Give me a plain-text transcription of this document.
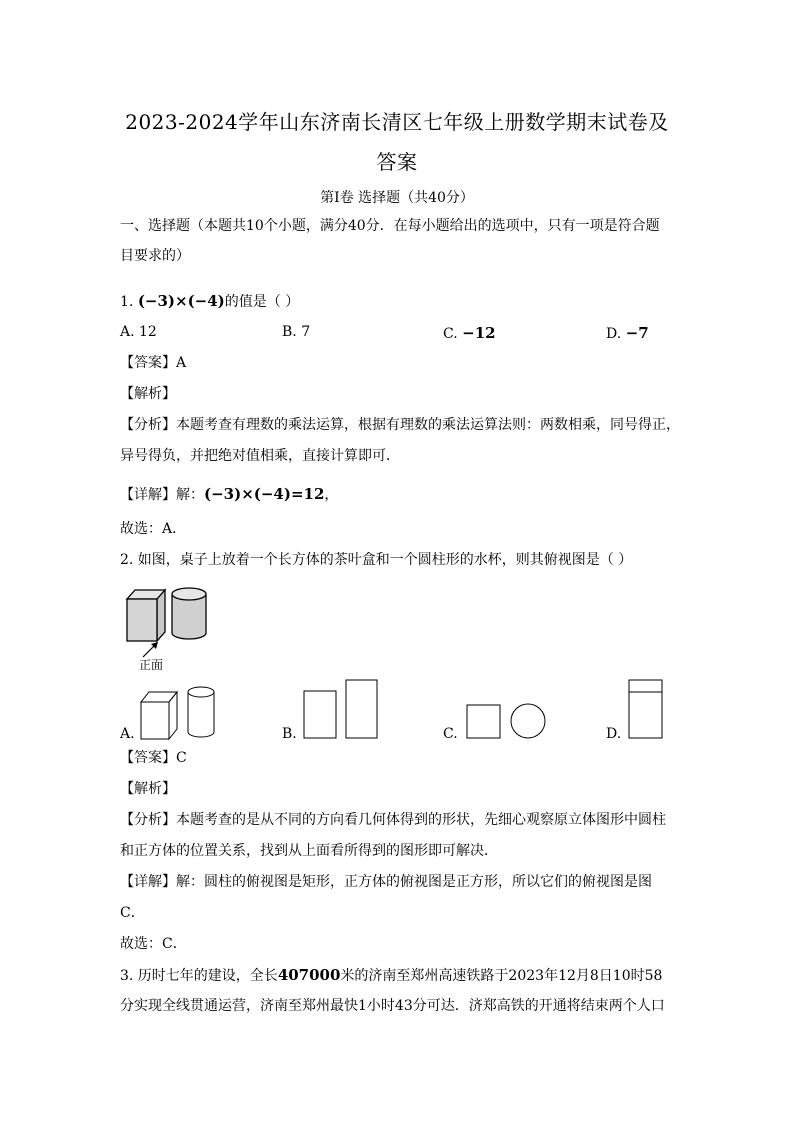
2023-2024学年山东济南长清区七年级上册数学期末试卷及
答案
第I卷 选择题（共40分）
一、选择题（本题共10个小题，满分40分．在每小题给出的选项中，只有一项是符合题
目要求的）
1. (−3)×(−4)的值是（ ）
A. 12	B. 7	C. −12	D. −7
【答案】A
【解析】
【分析】本题考查有理数的乘法运算，根据有理数的乘法运算法则：两数相乘，同号得正，
异号得负，并把绝对值相乘，直接计算即可．
【详解】解：(−3)×(−4)=12，
故选：A．
2. 如图，桌子上放着一个长方体的茶叶盒和一个圆柱形的水杯，则其俯视图是（ ）
正面
A.	B.	C.	D.
【答案】C
【解析】
【分析】本题考查的是从不同的方向看几何体得到的形状，先细心观察原立体图形中圆柱
和正方体的位置关系，找到从上面看所得到的图形即可解决．
【详解】解：圆柱的俯视图是矩形，正方体的俯视图是正方形，所以它们的俯视图是图
C．
故选：C．
3. 历时七年的建设，全长407000米的济南至郑州高速铁路于2023年12月8日10时58
分实现全线贯通运营，济南至郑州最快1小时43分可达．济郑高铁的开通将结束两个人口
